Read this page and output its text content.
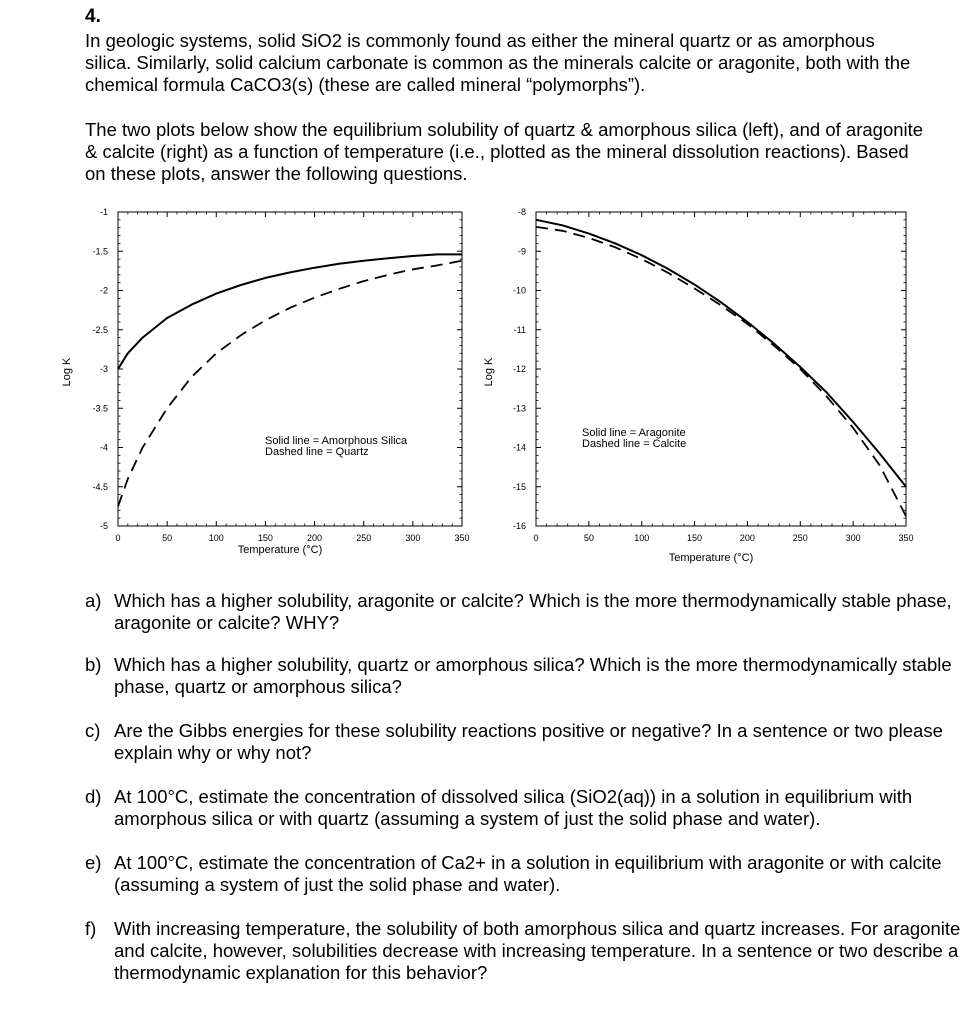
4.

In geologic systems, solid SiO2 is commonly found as either the mineral quartz or as amorphous silica. Similarly, solid calcium carbonate is common as the minerals calcite or aragonite, both with the chemical formula CaCO3(s) (these are called mineral “polymorphs”).

The two plots below show the equilibrium solubility of quartz & amorphous silica (left), and of aragonite & calcite (right) as a function of temperature (i.e., plotted as the mineral dissolution reactions). Based on these plots, answer the following questions.

-1
-1.5
-2
-2.5
-3
-3.5
-4
-4.5
-5
0	50	100	150	200	250	300	350
Temperature (°C)
Log K
Solid line = Amorphous Silica
Dashed line = Quartz
-8
-9
-10
-11
-12
-13
-14
-15
-16
0	50	100	150	200	250	300	350
Temperature (°C)
Log K
Solid line = Aragonite
Dashed line = Calcite
a) Which has a higher solubility, aragonite or calcite? Which is the more thermodynamically stable phase, aragonite or calcite? WHY?
b) Which has a higher solubility, quartz or amorphous silica? Which is the more thermodynamically stable phase, quartz or amorphous silica?
c) Are the Gibbs energies for these solubility reactions positive or negative? In a sentence or two please explain why or why not?
d) At 100°C, estimate the concentration of dissolved silica (SiO2(aq)) in a solution in equilibrium with amorphous silica or with quartz (assuming a system of just the solid phase and water).
e) At 100°C, estimate the concentration of Ca2+ in a solution in equilibrium with aragonite or with calcite (assuming a system of just the solid phase and water).
f) With increasing temperature, the solubility of both amorphous silica and quartz increases. For aragonite and calcite, however, solubilities decrease with increasing temperature. In a sentence or two describe a thermodynamic explanation for this behavior?
